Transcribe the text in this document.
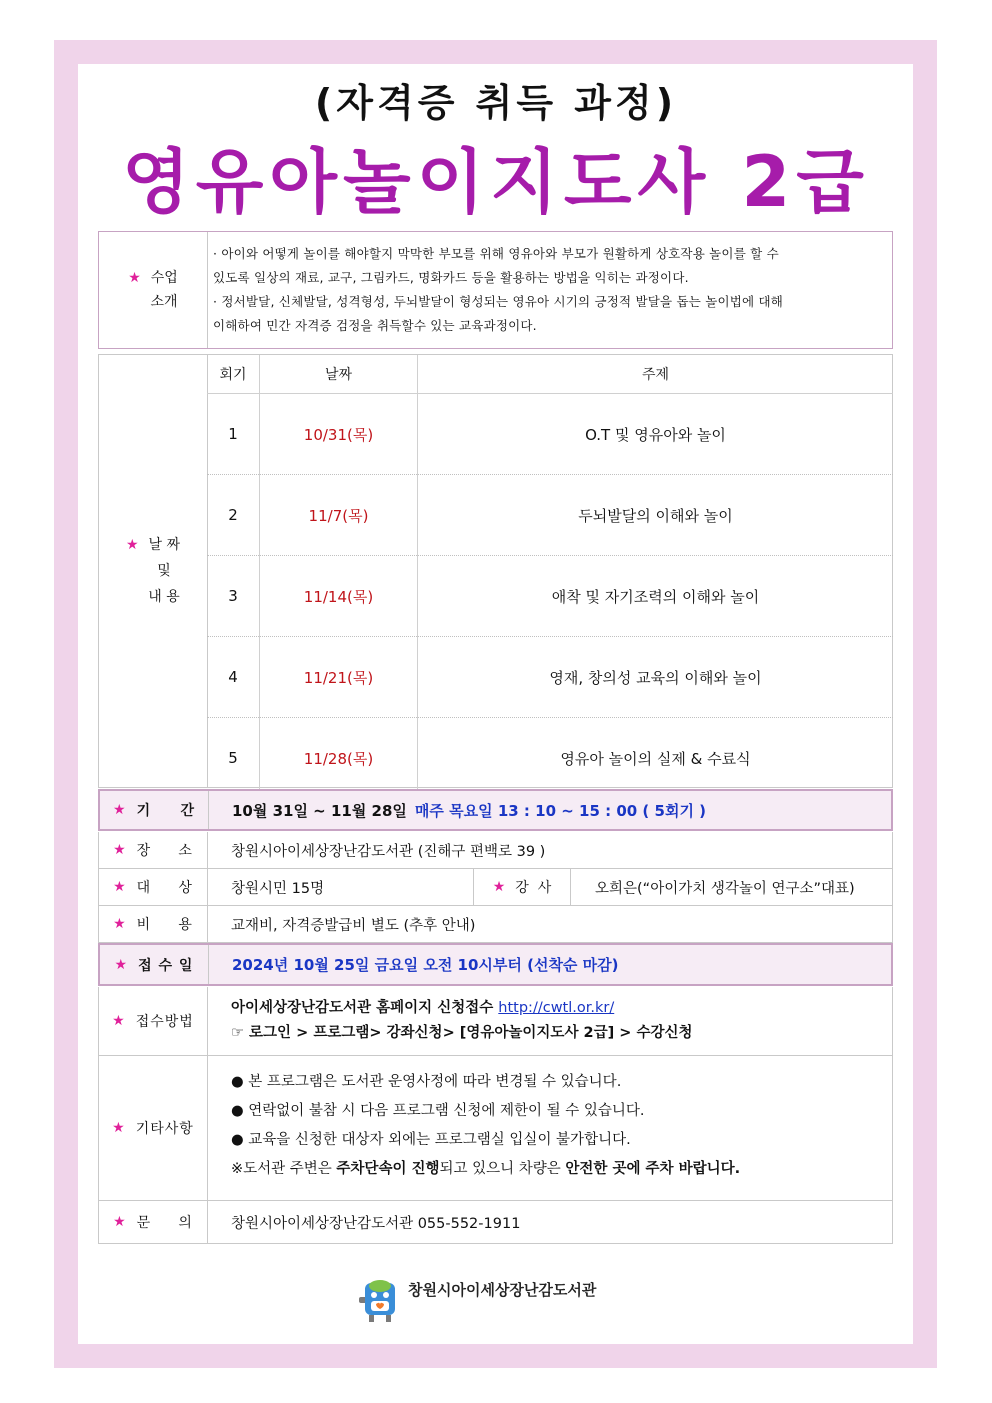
(자격증 취득 과정)
영유아놀이지도사 2급
★ 수업
소개
· 아이와 어떻게 놀이를 해야할지 막막한 부모를 위해 영유아와 부모가 원활하게 상호작용 놀이를 할 수
있도록 일상의 재료, 교구, 그림카드, 명화카드 등을 활용하는 방법을 익히는 과정이다.
· 정서발달, 신체발달, 성격형성, 두뇌발달이 형성되는 영유아 시기의 긍정적 발달을 돕는 놀이법에 대해
이해하여 민간 자격증 검정을 취득할수 있는 교육과정이다.
★ 날 짜
및
내 용
회기	날짜	주제
1	10/31(목)	O.T 및 영유아와 놀이
2	11/7(목)	두뇌발달의 이해와 놀이
3	11/14(목)	애착 및 자기조력의 이해와 놀이
4	11/21(목)	영재, 창의성 교육의 이해와 놀이
5	11/28(목)	영유아 놀이의 실제 & 수료식
★ 기     간 10월 31일 ~ 11월 28일 매주 목요일 13 : 10 ~ 15 : 00 ( 5회기 )
★ 장     소	창원시아이세상장난감도서관 (진해구 편백로 39 )
★ 대     상	창원시민 15명	★ 강  사	오희은(“아이가치 생각놀이 연구소”대표)
★ 비     용	교재비, 자격증발급비 별도 (추후 안내)
★ 접 수 일	2024년 10월 25일 금요일 오전 10시부터 (선착순 마감)
★ 접수방법
아이세상장난감도서관 홈페이지 신청접수 http://cwtl.or.kr/
☞ 로그인 > 프로그램> 강좌신청> [영유아놀이지도사 2급] > 수강신청
★ 기타사항
● 본 프로그램은 도서관 운영사정에 따라 변경될 수 있습니다.
● 연락없이 불참 시 다음 프로그램 신청에 제한이 될 수 있습니다.
● 교육을 신청한 대상자 외에는 프로그램실 입실이 불가합니다.
※도서관 주변은 주차단속이 진행되고 있으니 차량은 안전한 곳에 주차 바랍니다.
★ 문     의	창원시아이세상장난감도서관 055-552-1911
창원시아이세상장난감도서관
